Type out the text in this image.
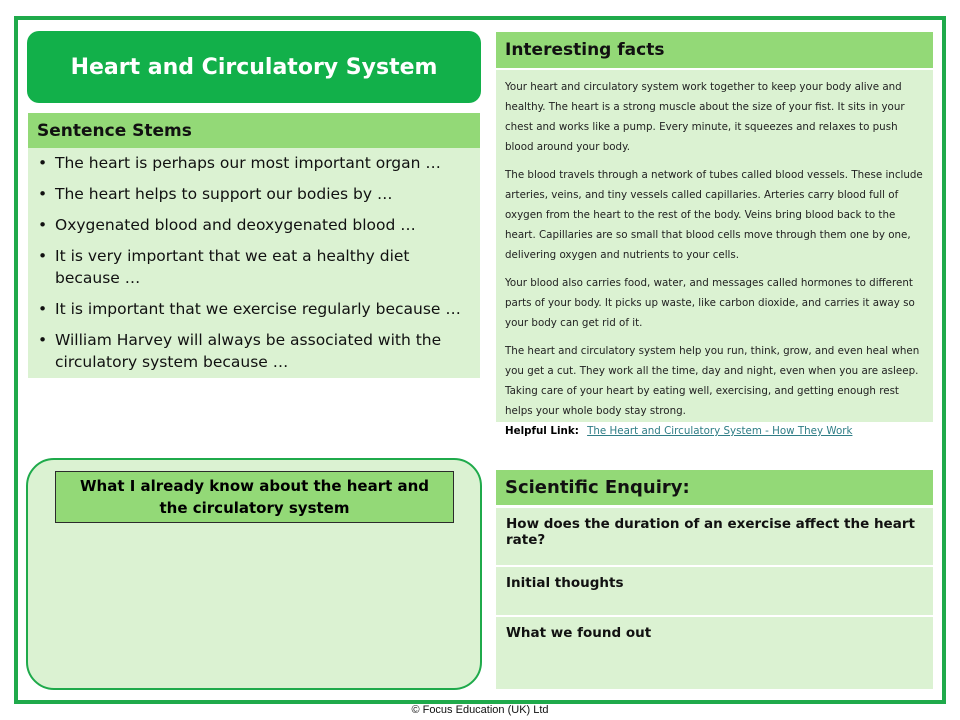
Heart and Circulatory System
Sentence Stems
• The heart is perhaps our most important organ …
• The heart helps to support our bodies by …
• Oxygenated blood and deoxygenated blood …
• It is very important that we eat a healthy diet because …
• It is important that we exercise regularly because …
• William Harvey will always be associated with the circulatory system because …
Interesting facts

Your heart and circulatory system work together to keep your body alive and healthy. The heart is a strong muscle about the size of your fist. It sits in your chest and works like a pump. Every minute, it squeezes and relaxes to push blood around your body.

The blood travels through a network of tubes called blood vessels. These include arteries, veins, and tiny vessels called capillaries. Arteries carry blood full of oxygen from the heart to the rest of the body. Veins bring blood back to the heart. Capillaries are so small that blood cells move through them one by one, delivering oxygen and nutrients to your cells.

Your blood also carries food, water, and messages called hormones to different parts of your body. It picks up waste, like carbon dioxide, and carries it away so your body can get rid of it.

The heart and circulatory system help you run, think, grow, and even heal when you get a cut. They work all the time, day and night, even when you are asleep. Taking care of your heart by eating well, exercising, and getting enough rest helps your whole body stay strong.

Helpful Link: The Heart and Circulatory System - How They Work
What I already know about the heart and the circulatory system
Scientific Enquiry:
How does the duration of an exercise affect the heart rate?
Initial thoughts
What we found out
© Focus Education (UK) Ltd
